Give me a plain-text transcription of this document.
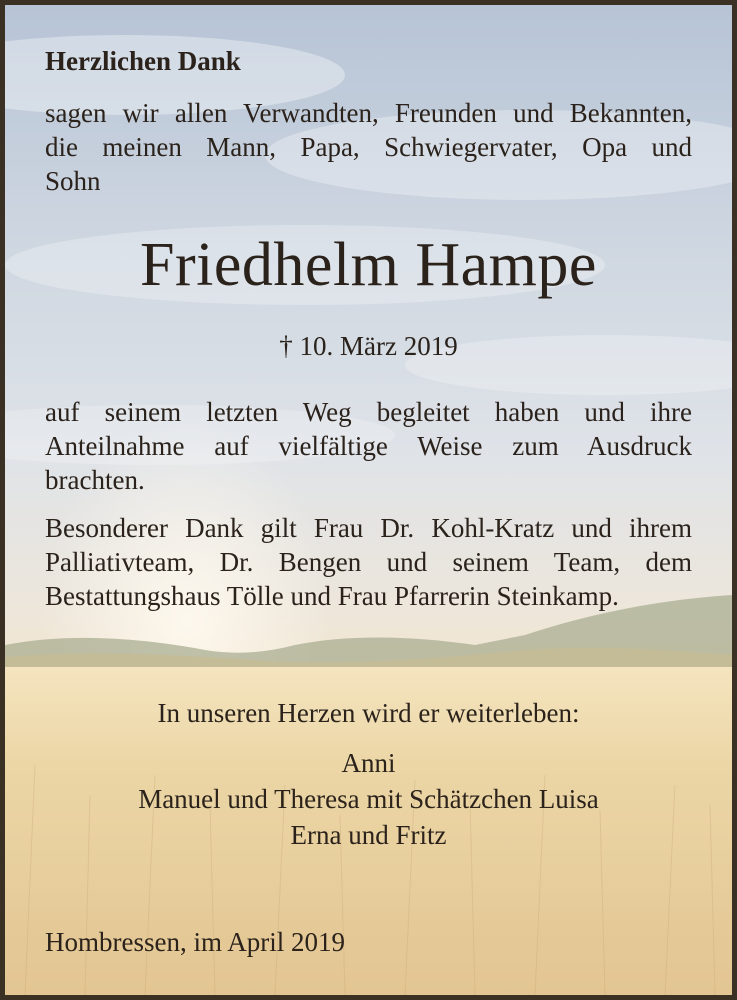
Herzlichen Dank
sagen wir allen Verwandten, Freunden und Bekannten,
die meinen Mann, Papa, Schwiegervater, Opa und
Sohn
Friedhelm Hampe
† 10. März 2019
auf seinem letzten Weg begleitet haben und ihre
Anteilnahme auf vielfältige Weise zum Ausdruck
brachten.
Besonderer Dank gilt Frau Dr. Kohl-Kratz und ihrem
Palliativteam, Dr. Bengen und seinem Team, dem
Bestattungshaus Tölle und Frau Pfarrerin Steinkamp.
In unseren Herzen wird er weiterleben:
Anni
Manuel und Theresa mit Schätzchen Luisa
Erna und Fritz
Hombressen, im April 2019
